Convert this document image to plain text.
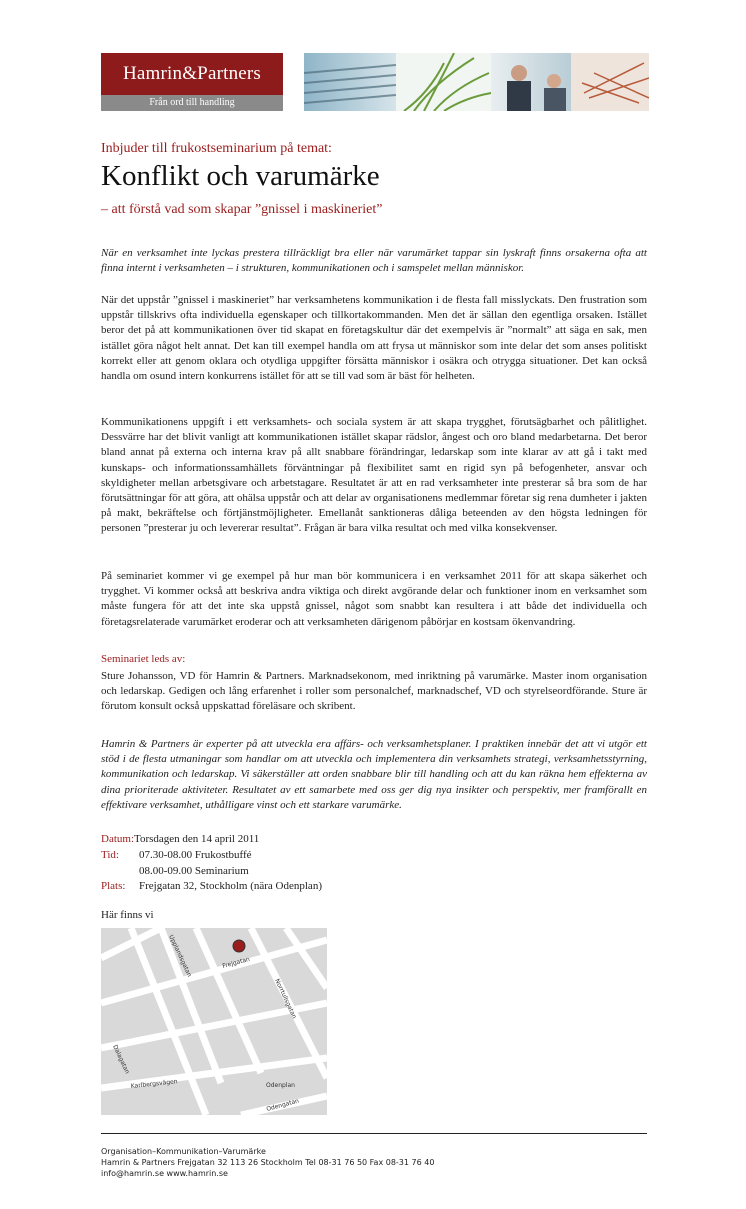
Hamrin&Partners
Från ord till handling
Inbjuder till frukostseminarium på temat:
Konflikt och varumärke
– att förstå vad som skapar ”gnissel i maskineriet”

När en verksamhet inte lyckas prestera tillräckligt bra eller när varumärket tappar sin lyskraft finns orsakerna ofta att finna internt i verksamheten – i strukturen, kommunikationen och i samspelet mellan människor.

När det uppstår ”gnissel i maskineriet” har verksamhetens kommunikation i de flesta fall misslyckats. Den frustration som uppstår tillskrivs ofta individuella egenskaper och tillkortakommanden. Men det är sällan den egentliga orsaken. Istället beror det på att kommunikationen över tid skapat en företagskultur där det exempelvis är ”normalt” att säga en sak, men istället göra något helt annat. Det kan till exempel handla om att frysa ut människor som inte delar det som anses politiskt korrekt eller att genom oklara och otydliga uppgifter försätta människor i osäkra och otrygga situationer. Det kan också handla om osund intern konkurrens istället för att se till vad som är bäst för helheten.

Kommunikationens uppgift i ett verksamhets- och sociala system är att skapa trygghet, förutsägbarhet och pålitlighet. Dessvärre har det blivit vanligt att kommunikationen istället skapar rädslor, ångest och oro bland medarbetarna. Det beror bland annat på externa och interna krav på allt snabbare förändringar, ledarskap som inte klarar av att gå i takt med kunskaps- och informationssamhällets förväntningar på flexibilitet samt en rigid syn på befogenheter, ansvar och skyldigheter mellan arbetsgivare och arbetstagare. Resultatet är att en rad verksamheter inte presterar så bra som de har förutsättningar för att göra, att ohälsa uppstår och att delar av organisationens medlemmar företar sig rena dumheter i jakten på makt, bekräftelse och förtjänstmöjligheter. Emellanåt sanktioneras dåliga beteenden av den högsta ledningen för personen ”presterar ju och levererar resultat”. Frågan är bara vilka resultat och med vilka konsekvenser.

På seminariet kommer vi ge exempel på hur man bör kommunicera i en verksamhet 2011 för att skapa säkerhet och trygghet. Vi kommer också att beskriva andra viktiga och direkt avgörande delar och funktioner inom en verksamhet som måste fungera för att det inte ska uppstå gnissel, något som snabbt kan resultera i att både det individuella och företagsrelaterade varumärket eroderar och att verksamheten därigenom påbörjar en kostsam ökenvandring.

Seminariet leds av:

Sture Johansson, VD för Hamrin & Partners. Marknadsekonom, med inriktning på varumärke. Master inom organisation och ledarskap. Gedigen och lång erfarenhet i roller som personalchef, marknadschef, VD och styrelseordförande. Sture är förutom konsult också uppskattad föreläsare och skribent.

Hamrin & Partners är experter på att utveckla era affärs- och verksamhetsplaner. I praktiken innebär det att vi utgör ett stöd i de flesta utmaningar som handlar om att utveckla och implementera din verksamhets strategi, verksamhetsstyrning, kommunikation och ledarskap. Vi säkerställer att orden snabbare blir till handling och att du kan räkna hem effekterna av dina prioriterade aktiviteter. Resultatet av ett samarbete med oss ger dig nya insikter och perspektiv, mer framförallt en effektivare verksamhet, uthålligare vinst och ett starkare varumärke.

Datum:Torsdagen den 14 april 2011
Tid: 07.30-08.00 Frukostbuffé
08.00-09.00 Seminarium
Plats: Frejgatan 32, Stockholm (nära Odenplan)
Här finns vi
Upplandsgatan	Frejgatan
Norrtullsgatan
Dalagatan
Karlbergsvägen	Odenplan
Odengatan
Organisation–Kommunikation–Varumärke
Hamrin & Partners Frejgatan 32 113 26 Stockholm Tel 08-31 76 50 Fax 08-31 76 40
info@hamrin.se www.hamrin.se
